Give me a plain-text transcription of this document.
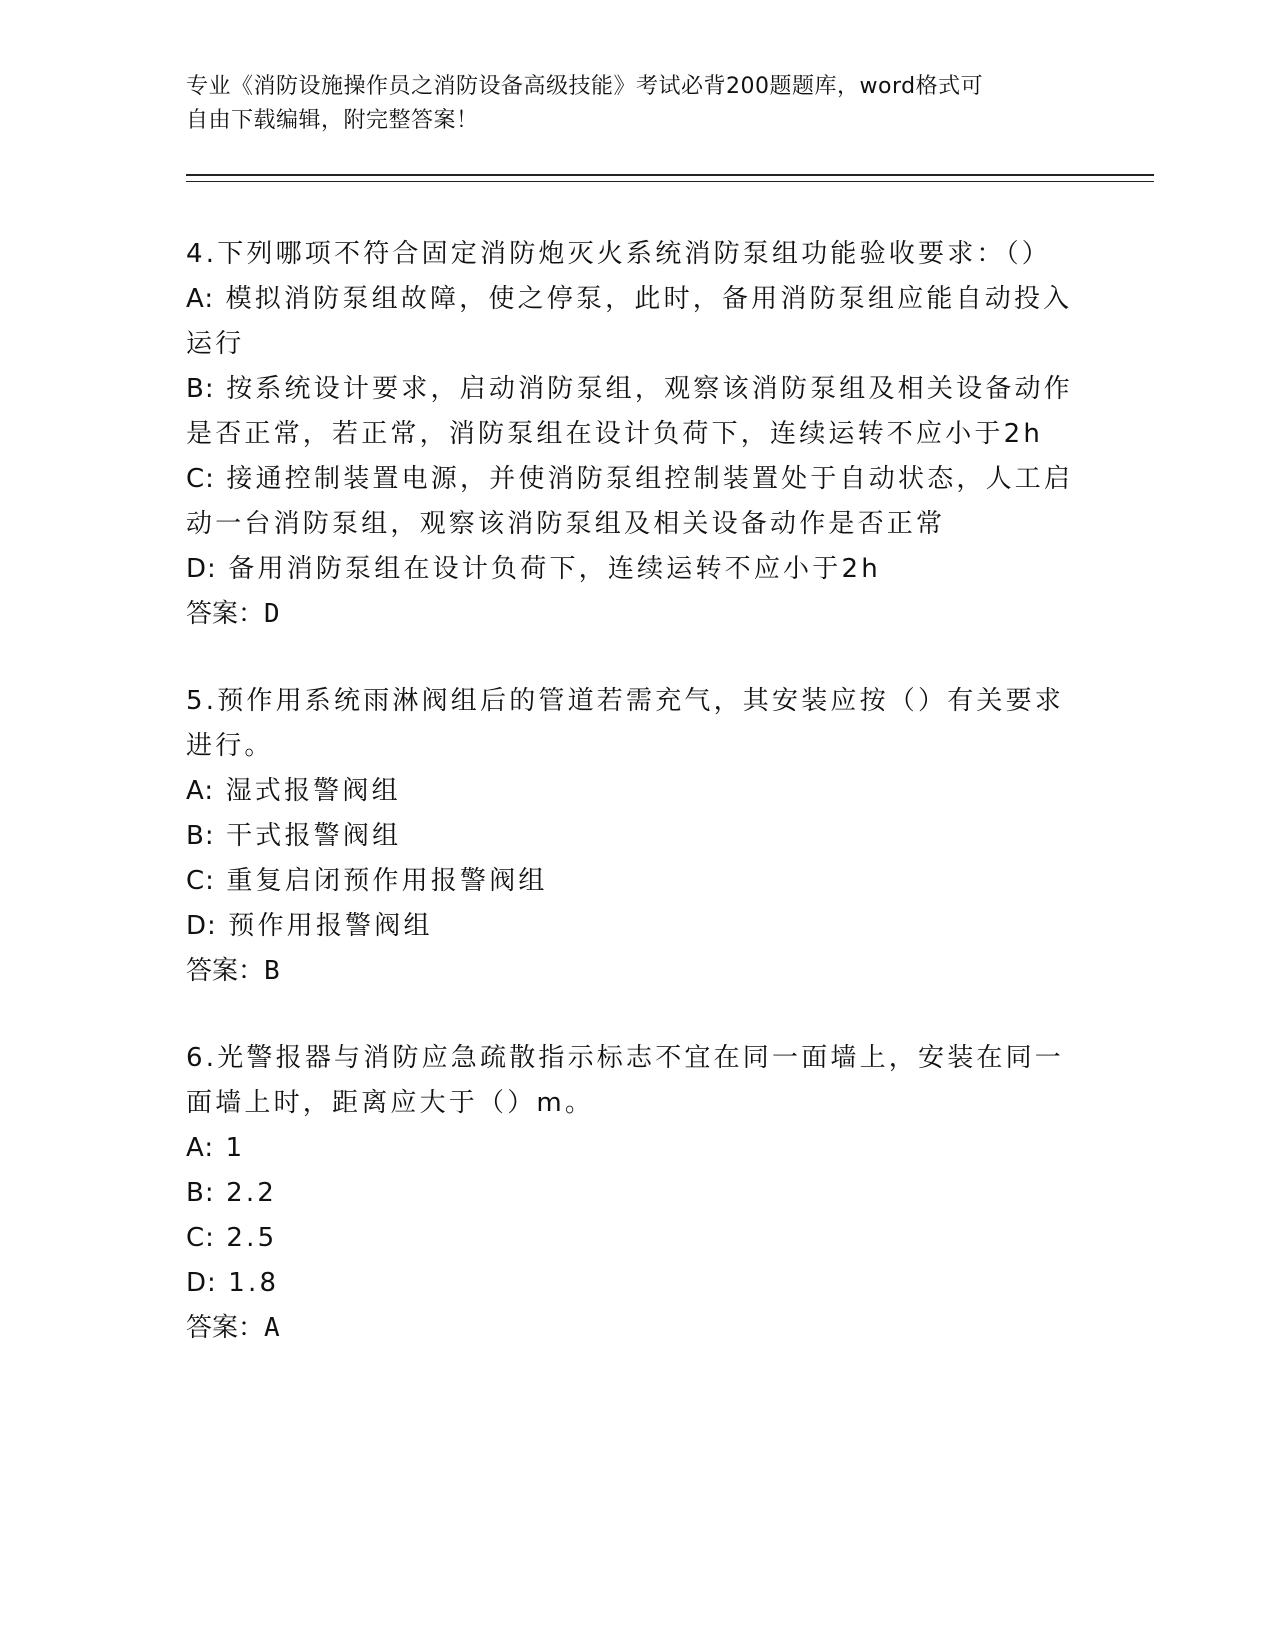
专业《消防设施操作员之消防设备高级技能》考试必背200题题库，word格式可
自由下载编辑，附完整答案！

4.下列哪项不符合固定消防炮灭火系统消防泵组功能验收要求：（）

A: 模拟消防泵组故障，使之停泵，此时，备用消防泵组应能自动投入运行

B: 按系统设计要求，启动消防泵组，观察该消防泵组及相关设备动作是否正常，若正常，消防泵组在设计负荷下，连续运转不应小于2h

C: 接通控制装置电源，并使消防泵组控制装置处于自动状态，人工启动一台消防泵组，观察该消防泵组及相关设备动作是否正常

D: 备用消防泵组在设计负荷下，连续运转不应小于2h

答案：D

5.预作用系统雨淋阀组后的管道若需充气，其安装应按（）有关要求进行。

A: 湿式报警阀组

B: 干式报警阀组

C: 重复启闭预作用报警阀组

D: 预作用报警阀组

答案：B

6.光警报器与消防应急疏散指示标志不宜在同一面墙上，安装在同一面墙上时，距离应大于（）m。

A: 1

B: 2.2

C: 2.5

D: 1.8

答案：A
